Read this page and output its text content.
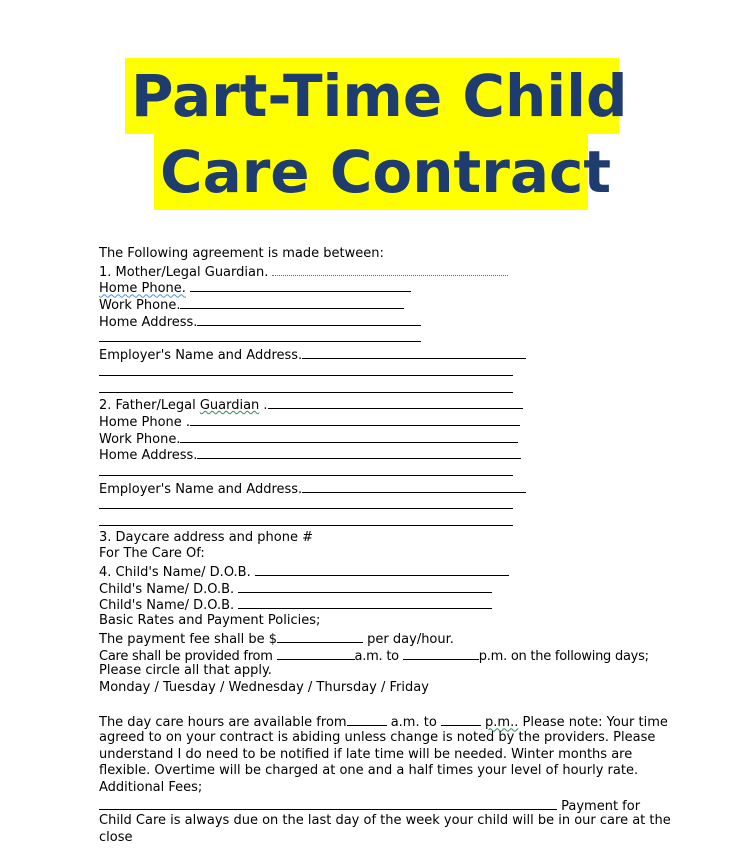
Part-Time Child
Care Contract
The Following agreement is made between:
1. Mother/Legal Guardian.
Home Phone.
Work Phone.
Home Address.
Employer's Name and Address.
2. Father/Legal Guardian .
Home Phone .
Work Phone.
Home Address.
Employer's Name and Address.
3. Daycare address and phone #
For The Care Of:
4. Child's Name/ D.O.B.
Child's Name/ D.O.B.
Child's Name/ D.O.B.
Basic Rates and Payment Policies;
The payment fee shall be $	per day/hour.
Care shall be provided from	a.m. to	p.m. on the following days;
Please circle all that apply.
Monday / Tuesday / Wednesday / Thursday / Friday
The day care hours are available from	a.m. to	p.m.. Please note: Your time
agreed to on your contract is abiding unless change is noted by the providers. Please
understand I do need to be notified if late time will be needed. Winter months are
flexible. Overtime will be charged at one and a half times your level of hourly rate.
Additional Fees;
Payment for
Child Care is always due on the last day of the week your child will be in our care at the
close
